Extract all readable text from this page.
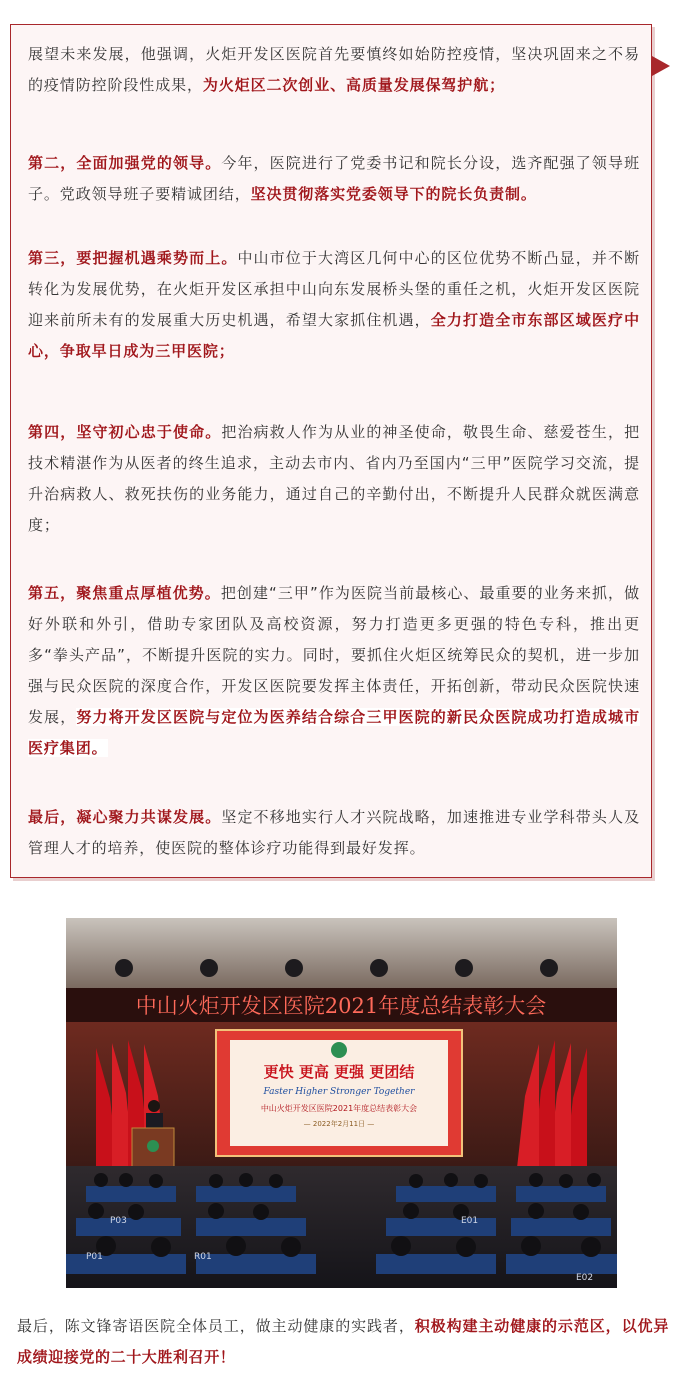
展望未来发展，他强调，火炬开发区医院首先要慎终如始防控疫情，坚决巩固来之不易的疫情防控阶段性成果，为火炬区二次创业、高质量发展保驾护航；

第二，全面加强党的领导。今年，医院进行了党委书记和院长分设，选齐配强了领导班子。党政领导班子要精诚团结，坚决贯彻落实党委领导下的院长负责制。

第三，要把握机遇乘势而上。中山市位于大湾区几何中心的区位优势不断凸显，并不断转化为发展优势，在火炬开发区承担中山向东发展桥头堡的重任之机，火炬开发区医院迎来前所未有的发展重大历史机遇，希望大家抓住机遇，全力打造全市东部区域医疗中心，争取早日成为三甲医院；

第四，坚守初心忠于使命。把治病救人作为从业的神圣使命，敬畏生命、慈爱苍生，把技术精湛作为从医者的终生追求，主动去市内、省内乃至国内“三甲”医院学习交流，提升治病救人、救死扶伤的业务能力，通过自己的辛勤付出，不断提升人民群众就医满意度；

第五，聚焦重点厚植优势。把创建“三甲”作为医院当前最核心、最重要的业务来抓，做好外联和外引，借助专家团队及高校资源，努力打造更多更强的特色专科，推出更多“拳头产品”，不断提升医院的实力。同时，要抓住火炬区统筹民众的契机，进一步加强与民众医院的深度合作，开发区医院要发挥主体责任，开拓创新，带动民众医院快速发展，努力将开发区医院与定位为医养结合综合三甲医院的新民众医院成功打造成城市医疗集团。

最后，凝心聚力共谋发展。坚定不移地实行人才兴院战略，加速推进专业学科带头人及管理人才的培养，使医院的整体诊疗功能得到最好发挥。

中山火炬开发区医院2021年度总结表彰大会
更快 更高 更强 更团结
Faster Higher Stronger Together
中山火炬开发区医院2021年度总结表彰大会
— 2022年2月11日 —
P03
P01	R01
E01
E02

最后，陈文锋寄语医院全体员工，做主动健康的实践者，积极构建主动健康的示范区，以优异成绩迎接党的二十大胜利召开！
